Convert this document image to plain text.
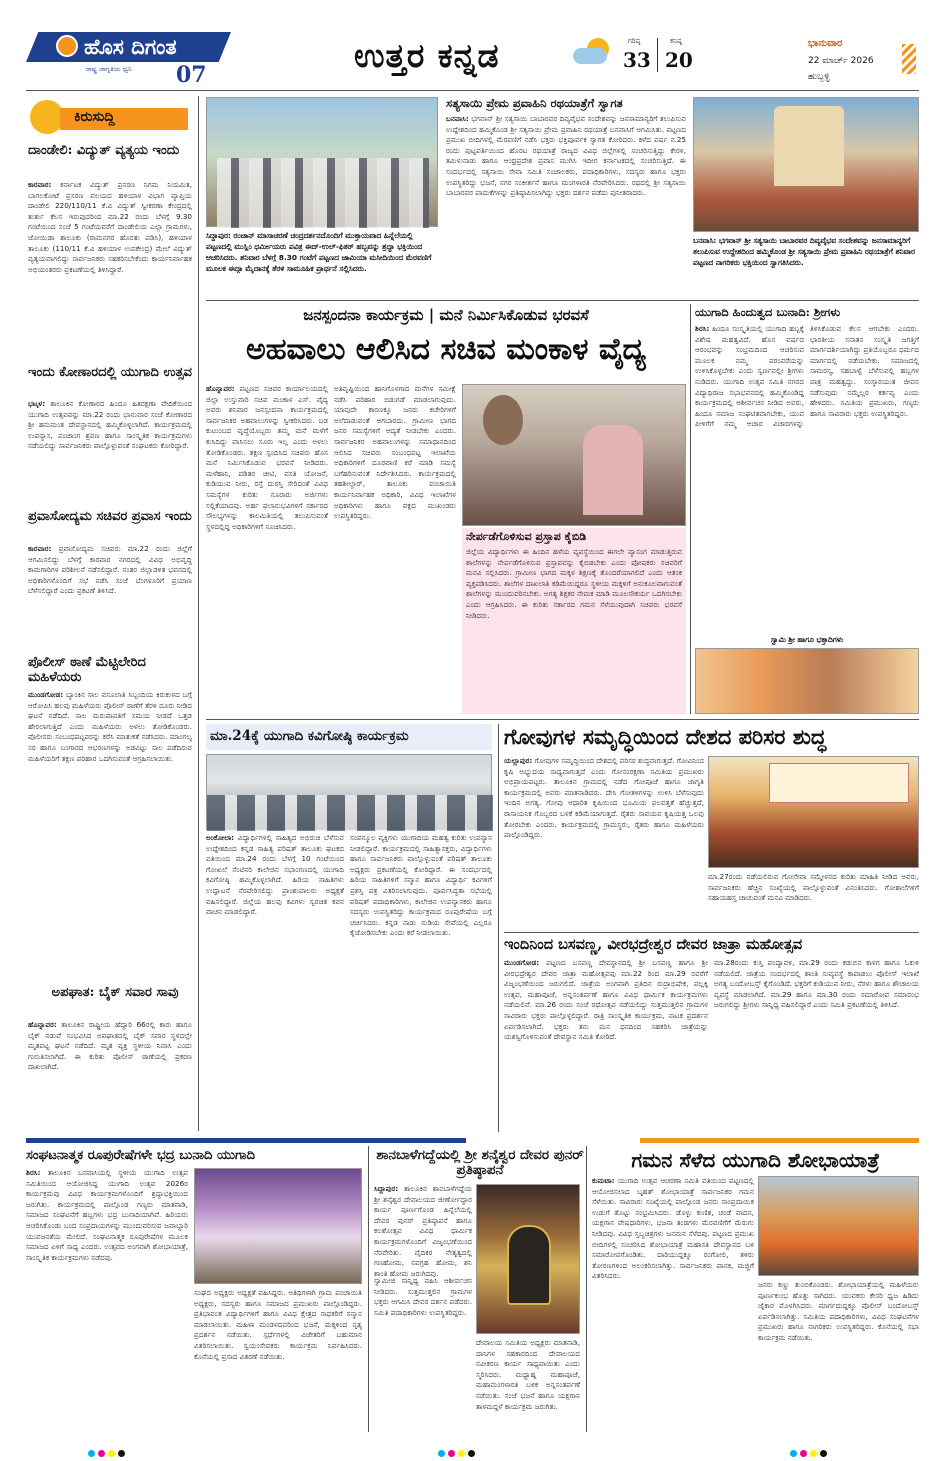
ಹೊಸ ದಿಗಂತ
ರಾಷ್ಟ್ರ ಜಾಗೃತಿಯ ಧ್ವನಿ 07	ಉತ್ತರ ಕನ್ನಡ	ಗರಿಷ್ಠ
33
ಕನಿಷ್ಠ
20
ಭಾನುವಾರ
22 ಮಾರ್ಚ್ 2026
ಹುಬ್ಬಳ್ಳಿ
ಕಿರುಸುದ್ದಿ
ದಾಂಡೇಲಿ: ವಿದ್ಯುತ್ ವ್ಯತ್ಯಯ ಇಂದು
ಕಾರವಾರ: ಕರ್ನಾಟಕ ವಿದ್ಯುತ್ ಪ್ರಸರಣ ನಿಗಮ ನಿಯಮಿತ, ಬಾಗಲಕೋಟೆ ಪ್ರಸರಣ ವಲಯದ ಹಳಿಯಾಳ ವಿಭಾಗ ವ್ಯಾಪ್ತಿಯ ದಾಂಡೇಲಿ 220/110/11 ಕೆ.ವಿ ವಿದ್ಯುತ್ ಸ್ವೀಕರಣಾ ಕೇಂದ್ರದಲ್ಲಿ ತುರ್ತು ಕೆಲಸ ಇರುವುದರಿಂದ ಮಾ.22 ರಂದು ಬೆಳಗ್ಗೆ 9.30 ಗಂಟೆಯಿಂದ ಸಂಜೆ 5 ಗಂಟೆಯವರೆಗೆ ದಾಂಡೇಲಿಯ ಎಲ್ಲಾ ಗ್ರಾಮಗಳು, ಜೋಯಿಡಾ ತಾಲೂಕು (ರಾಮನಗರ ಹೊರತು ಪಡಿಸಿ), ಹಳಿಯಾಳ ತಾಲೂಕು (110/11 ಕೆ.ವಿ ಹಳಿಯಾಳ ಉಪಕೇಂದ್ರ) ಮೇಲೆ ವಿದ್ಯುತ್ ವ್ಯತ್ಯಯವಾಗಲಿದ್ದು ಸಾರ್ವಜನಿಕರು ಸಹಕರಿಸಬೇಕೆಂದು ಕಾರ್ಯನಿರ್ವಾಹಕ ಅಭಿಯಂತರರು ಪ್ರಕಟಣೆಯಲ್ಲಿ ತಿಳಿಸಿದ್ದಾರೆ.
ಇಂದು ಕೋಣಾರದಲ್ಲಿ ಯುಗಾದಿ ಉತ್ಸವ
ಭಟ್ಕಳ: ತಾಲೂಕಿನ ಕೋಣಾರದ ಹಿಂದೂ ಹಿತರಕ್ಷಣಾ ವೇದಿಕೆಯಿಂದ ಯುಗಾದಿ ಉತ್ಸವವನ್ನು ಮಾ.22 ರಂದು ಭಾನುವಾರ ಸಂಜೆ ಕೋಣಾರದ ಶ್ರೀ ಹನುಮಂತ ದೇವಸ್ಥಾನದಲ್ಲಿ ಹಮ್ಮಿಕೊಳ್ಳಲಾಗಿದೆ. ಕಾರ್ಯಕ್ರಮದಲ್ಲಿ ಉಪನ್ಯಾಸ, ಪಂಚಾಂಗ ಶ್ರವಣ ಹಾಗೂ ಸಾಂಸ್ಕೃತಿಕ ಕಾರ್ಯಕ್ರಮಗಳು ನಡೆಯಲಿದ್ದು ಸಾರ್ವಜನಿಕರು ಪಾಲ್ಗೊಳ್ಳುವಂತೆ ಸಂಘಟಕರು ಕೋರಿದ್ದಾರೆ.
ಪ್ರವಾಸೋದ್ಯಮ ಸಚಿವರ ಪ್ರವಾಸ ಇಂದು
ಕಾರವಾರ: ಪ್ರವಾಸೋದ್ಯಮ ಸಚಿವರು ಮಾ.22 ರಂದು ಜಿಲ್ಲೆಗೆ ಆಗಮಿಸಲಿದ್ದು ಬೆಳಗ್ಗೆ ಕಾರವಾರ ನಗರದಲ್ಲಿ ವಿವಿಧ ಅಭಿವೃದ್ಧಿ ಕಾಮಗಾರಿಗಳ ಪರಿಶೀಲನೆ ನಡೆಸಲಿದ್ದಾರೆ. ನಂತರ ಜಿಲ್ಲಾಡಳಿತ ಭವನದಲ್ಲಿ ಅಧಿಕಾರಿಗಳೊಂದಿಗೆ ಸಭೆ ನಡೆಸಿ ಸಂಜೆ ಬೆಂಗಳೂರಿಗೆ ಪ್ರಯಾಣ ಬೆಳೆಸಲಿದ್ದಾರೆ ಎಂದು ಪ್ರಕಟಣೆ ತಿಳಿಸಿದೆ.
ಪೊಲೀಸ್ ಠಾಣೆ ಮೆಟ್ಟಿಲೇರಿದ ಮಹಿಳೆಯರು
ಮುಂಡಗೋಡ: ಬ್ಯಾಂಕಿನ ಸಾಲ ವಸೂಲಾತಿ ಸಿಬ್ಬಂದಿಯ ಕಿರುಕುಳದ ಬಗ್ಗೆ ಆರೋಪಿಸಿ ಹಲವು ಮಹಿಳೆಯರು ಪೊಲೀಸ್ ಠಾಣೆಗೆ ತೆರಳಿ ದೂರು ನೀಡಿದ ಘಟನೆ ನಡೆದಿದೆ. ಸಾಲ ಮರುಪಾವತಿಗೆ ಸಮಯ ನೀಡದೆ ಒತ್ತಡ ಹೇರಲಾಗುತ್ತಿದೆ ಎಂದು ಮಹಿಳೆಯರು ಅಳಲು ತೋಡಿಕೊಂಡರು. ಪೊಲೀಸರು ಸಂಬಂಧಪಟ್ಟವರನ್ನು ಕರೆಸಿ ಮಾತುಕತೆ ನಡೆಸಿದರು. ಮಾಂಗಲ್ಯ ಸರ ಹಾಗೂ ಬಂಗಾರದ ಆಭರಣಗಳನ್ನು ಅಡವಿಟ್ಟು ಸಾಲ ಪಡೆದಿರುವ ಮಹಿಳೆಯರಿಗೆ ತಕ್ಷಣ ಪರಿಹಾರ ಒದಗಿಸುವಂತೆ ಆಗ್ರಹಿಸಲಾಯಿತು.
ಅಪಘಾತ: ಬೈಕ್ ಸವಾರ ಸಾವು
ಹೊನ್ನಾವರ: ತಾಲೂಕಿನ ರಾಷ್ಟ್ರೀಯ ಹೆದ್ದಾರಿ 66ರಲ್ಲಿ ಕಾರು ಹಾಗೂ ಬೈಕ್ ನಡುವೆ ಸಂಭವಿಸಿದ ಅಪಘಾತದಲ್ಲಿ ಬೈಕ್ ಸವಾರ ಸ್ಥಳದಲ್ಲೇ ಮೃತಪಟ್ಟ ಘಟನೆ ನಡೆದಿದೆ. ಮೃತ ವ್ಯಕ್ತಿ ಸ್ಥಳೀಯ ನಿವಾಸಿ ಎಂದು ಗುರುತಿಸಲಾಗಿದೆ. ಈ ಕುರಿತು ಪೊಲೀಸ್ ಠಾಣೆಯಲ್ಲಿ ಪ್ರಕರಣ ದಾಖಲಾಗಿದೆ.
ಸಿದ್ದಾಪುರ: ರಂಜಾನ್ ಮಾಸಾಚರಣೆ ಚಂದ್ರದರ್ಶನದೊಂದಿಗೆ ಮುಕ್ತಾಯವಾದ ಹಿನ್ನೆಲೆಯಲ್ಲಿ ಪಟ್ಟಣದಲ್ಲಿ ಮುಸ್ಲಿಂ ಧರ್ಮೀಯರು ಪವಿತ್ರ ಈದ್-ಉಲ್-ಫಿತರ್ ಹಬ್ಬವನ್ನು ಶ್ರದ್ಧಾ ಭಕ್ತಿಯಿಂದ ಆಚರಿಸಿದರು. ಶನಿವಾರ ಬೆಳಗ್ಗೆ 8.30 ಗಂಟೆಗೆ ಪಟ್ಟಣದ ಜಾಮಿಯಾ ಮಸೀದಿಯಿಂದ ಮೆರವಣಿಗೆ ಮೂಲಕ ಈದ್ಗಾ ಮೈದಾನಕ್ಕೆ ತೆರಳಿ ಸಾಮೂಹಿಕ ಪ್ರಾರ್ಥನೆ ಸಲ್ಲಿಸಿದರು.
ಸತ್ಯಸಾಯಿ ಪ್ರೇಮ ಪ್ರವಾಹಿನಿ ರಥಯಾತ್ರೆಗೆ ಸ್ವಾಗತ
ಬನವಾಸಿ: ಭಗವಾನ್ ಶ್ರೀ ಸತ್ಯಸಾಯಿ ಬಾಬಾರವರ ದಿವ್ಯವೈಭವ ಸಂದೇಶವನ್ನು ಜನಸಾಮಾನ್ಯರಿಗೆ ತಲುಪಿಸುವ ಉದ್ದೇಶದಿಂದ ಹಮ್ಮಿಕೊಂಡ ಶ್ರೀ ಸತ್ಯಸಾಯಿ ಪ್ರೇಮ ಪ್ರವಾಹಿನಿ ರಥಯಾತ್ರೆ ಬನವಾಸಿಗೆ ಆಗಮಿಸಿತು. ಪಟ್ಟಣದ ಪ್ರಮುಖ ಬೀದಿಗಳಲ್ಲಿ ಮೆರವಣಿಗೆ ನಡೆಸಿ ಭಕ್ತರು ಭಕ್ತಿಪೂರ್ವಕ ಸ್ವಾಗತ ಕೋರಿದರು. ಕಳೆದ ವರ್ಷ ನ.25 ರಂದು ಪುಟ್ಟಪರ್ತಿಯಿಂದ ಹೊರಟ ರಥಯಾತ್ರೆ ರಾಜ್ಯದ ವಿವಿಧ ಜಿಲ್ಲೆಗಳಲ್ಲಿ ಸಂಚರಿಸುತ್ತಿದ್ದು ಕೇರಳ, ತಮಿಳುನಾಡು ಹಾಗೂ ಆಂಧ್ರಪ್ರದೇಶ ಪ್ರವಾಸ ಮುಗಿಸಿ ಇದೀಗ ಕರ್ನಾಟಕದಲ್ಲಿ ಸಂಚರಿಸುತ್ತಿದೆ. ಈ ಸಂದರ್ಭದಲ್ಲಿ ಸತ್ಯಸಾಯಿ ಸೇವಾ ಸಮಿತಿ ಸಂಚಾಲಕರು, ಪದಾಧಿಕಾರಿಗಳು, ಸದಸ್ಯರು ಹಾಗೂ ಭಕ್ತರು ಉಪಸ್ಥಿತರಿದ್ದು ಭಜನೆ, ನಗರ ಸಂಕೀರ್ತನೆ ಹಾಗೂ ಮಂಗಳಾರತಿ ನೆರವೇರಿಸಿದರು. ರಥದಲ್ಲಿ ಶ್ರೀ ಸತ್ಯಸಾಯಿ ಬಾಬಾರವರ ಪಾದುಕೆಗಳನ್ನು ಪ್ರತಿಷ್ಠಾಪಿಸಲಾಗಿದ್ದು ಭಕ್ತರು ದರ್ಶನ ಪಡೆದು ಪುನೀತರಾದರು.
ಬನವಾಸಿ: ಭಗವಾನ್ ಶ್ರೀ ಸತ್ಯಸಾಯಿ ಬಾಬಾರವರ ದಿವ್ಯವೈಭವ ಸಂದೇಶವನ್ನು ಜನಸಾಮಾನ್ಯರಿಗೆ ತಲುಪಿಸುವ ಉದ್ದೇಶದಿಂದ ಹಮ್ಮಿಕೊಂಡ ಶ್ರೀ ಸತ್ಯಸಾಯಿ ಪ್ರೇಮ ಪ್ರವಾಹಿನಿ ರಥಯಾತ್ರೆಗೆ ಶನಿವಾರ ಪಟ್ಟಣದ ನಾಗರಿಕರು ಭಕ್ತಿಯಿಂದ ಸ್ವಾಗತಿಸಿದರು.
ಜನಸ್ಪಂದನಾ ಕಾರ್ಯಕ್ರಮ | ಮನೆ ನಿರ್ಮಿಸಿಕೊಡುವ ಭರವಸೆ
ಅಹವಾಲು ಆಲಿಸಿದ ಸಚಿವ ಮಂಕಾಳ ವೈದ್ಯ
ಹೊನ್ನಾವರ: ಪಟ್ಟಣದ ಸಚಿವರ ಕಾರ್ಯಾಲಯದಲ್ಲಿ ಜಿಲ್ಲಾ ಉಸ್ತುವಾರಿ ಸಚಿವ ಮಂಕಾಳ ಎಸ್. ವೈದ್ಯ ಅವರು ಶನಿವಾರ ಜನಸ್ಪಂದನಾ ಕಾರ್ಯಕ್ರಮದಲ್ಲಿ ಸಾರ್ವಜನಿಕರ ಅಹವಾಲುಗಳನ್ನು ಸ್ವೀಕರಿಸಿದರು. ಬಡ ಕುಟುಂಬದ ವೃದ್ಧೆಯೊಬ್ಬರು ತಮ್ಮ ಮನೆ ಮಳೆಗೆ ಕುಸಿದಿದ್ದು ವಾಸಿಸಲು ಸೂರು ಇಲ್ಲ ಎಂದು ಅಳಲು ತೋಡಿಕೊಂಡರು. ತಕ್ಷಣ ಸ್ಪಂದಿಸಿದ ಸಚಿವರು ಹೊಸ ಮನೆ ನಿರ್ಮಿಸಿಕೊಡುವ ಭರವಸೆ ನೀಡಿದರು. ಮಳೆಹಾನಿ, ಪಡಿತರ ಚೀಟಿ, ವಸತಿ ಯೋಜನೆ, ಕುಡಿಯುವ ನೀರು, ರಸ್ತೆ ದುರಸ್ತಿ ಸೇರಿದಂತೆ ವಿವಿಧ ಸಮಸ್ಯೆಗಳ ಕುರಿತು ನೂರಾರು ಅರ್ಜಿಗಳು ಸಲ್ಲಿಕೆಯಾದವು. ಅರ್ಹ ಫಲಾನುಭವಿಗಳಿಗೆ ಸರ್ಕಾರದ ಸೌಲಭ್ಯಗಳನ್ನು ಕಾಲಮಿತಿಯಲ್ಲಿ ತಲುಪಿಸುವಂತೆ ಸ್ಥಳದಲ್ಲಿದ್ದ ಅಧಿಕಾರಿಗಳಿಗೆ ಸೂಚಿಸಿದರು.
ಅತಿವೃಷ್ಟಿಯಿಂದ ಹಾನಿಗೊಳಗಾದ ಮನೆಗಳ ಸಮೀಕ್ಷೆ ನಡೆಸಿ ಪರಿಹಾರ ಬಿಡುಗಡೆ ಮಾಡಲಾಗುವುದು. ಯಾವುದೇ ಕಾರಣಕ್ಕೂ ಜನರು ಕಚೇರಿಗಳಿಗೆ ಅಲೆದಾಡುವಂತೆ ಆಗಬಾರದು. ಗ್ರಾಮೀಣ ಭಾಗದ ಜನರ ಸಮಸ್ಯೆಗಳಿಗೆ ಆದ್ಯತೆ ನೀಡಬೇಕು ಎಂದರು. ಸಾರ್ವಜನಿಕರ ಅಹವಾಲುಗಳನ್ನು ಸಮಾಧಾನದಿಂದ ಆಲಿಸಿದ ಸಚಿವರು ಸಂಬಂಧಪಟ್ಟ ಇಲಾಖೆಯ ಅಧಿಕಾರಿಗಳಿಗೆ ದೂರವಾಣಿ ಕರೆ ಮಾಡಿ ಸಮಸ್ಯೆ ಬಗೆಹರಿಸುವಂತೆ ನಿರ್ದೇಶಿಸಿದರು. ಕಾರ್ಯಕ್ರಮದಲ್ಲಿ ತಹಶೀಲ್ದಾರ್, ತಾಲೂಕು ಪಂಚಾಯಿತಿ ಕಾರ್ಯನಿರ್ವಾಹಕ ಅಧಿಕಾರಿ, ವಿವಿಧ ಇಲಾಖೆಗಳ ಅಧಿಕಾರಿಗಳು ಹಾಗೂ ಪಕ್ಷದ ಮುಖಂಡರು ಉಪಸ್ಥಿತರಿದ್ದರು.
ನೇರ್ಪಡೆಗೊಳಿಸುವ ಪ್ರಸ್ತಾಪ ಕೈಬಿಡಿ
ಜಿಲ್ಲೆಯ ವಿದ್ಯಾರ್ಥಿಗಳು ಈ ಹಿಂದಿನ ಹಳೆಯ ವ್ಯವಸ್ಥೆಯಿಂದ ಈಗಲೇ ವ್ಯಾಸಂಗ ಮಾಡುತ್ತಿರುವ ಶಾಲೆಗಳನ್ನು ನೇರ್ಪಡೆಗೊಳಿಸುವ ಪ್ರಸ್ತಾಪವನ್ನು ಕೈಬಿಡಬೇಕು ಎಂದು ಪೋಷಕರು ಸಚಿವರಿಗೆ ಮನವಿ ಸಲ್ಲಿಸಿದರು. ಗ್ರಾಮೀಣ ಭಾಗದ ಮಕ್ಕಳ ಶಿಕ್ಷಣಕ್ಕೆ ತೊಂದರೆಯಾಗಲಿದೆ ಎಂದು ಆತಂಕ ವ್ಯಕ್ತಪಡಿಸಿದರು. ಶಾಲೆಗಳ ದಾಖಲಾತಿ ಕಡಿಮೆಯಿದ್ದರೂ ಸ್ಥಳೀಯ ಮಕ್ಕಳಿಗೆ ಅನುಕೂಲವಾಗುವಂತೆ ಶಾಲೆಗಳನ್ನು ಮುಂದುವರಿಸಬೇಕು. ಅಗತ್ಯ ಶಿಕ್ಷಕರ ನೇಮಕ ಮಾಡಿ ಮೂಲಸೌಕರ್ಯ ಒದಗಿಸಬೇಕು ಎಂದು ಆಗ್ರಹಿಸಿದರು. ಈ ಕುರಿತು ಸರ್ಕಾರದ ಗಮನ ಸೆಳೆಯುವುದಾಗಿ ಸಚಿವರು ಭರವಸೆ ನೀಡಿದರು.
ಯುಗಾದಿ ಹಿಂದುತ್ವದ ಬುನಾದಿ: ಶ್ರೀಗಳು
ಶಿರಸಿ: ಹಿಂದೂ ಸಂಸ್ಕೃತಿಯಲ್ಲಿ ಯುಗಾದಿ ಹಬ್ಬಕ್ಕೆ ವಿಶೇಷ ಮಹತ್ವವಿದೆ. ಹೊಸ ವರ್ಷದ ಆರಂಭವನ್ನು ಸಂಭ್ರಮದಿಂದ ಆಚರಿಸುವ ಮೂಲಕ ನಮ್ಮ ಪರಂಪರೆಯನ್ನು ಉಳಿಸಿಕೊಳ್ಳಬೇಕು ಎಂದು ಸ್ವರ್ಣವಲ್ಲೀ ಶ್ರೀಗಳು ನುಡಿದರು. ಯುಗಾದಿ ಉತ್ಸವ ಸಮಿತಿ ನಗರದ ವಿದ್ಯಾಧಿರಾಜ ಸಭಾಭವನದಲ್ಲಿ ಹಮ್ಮಿಕೊಂಡಿದ್ದ ಕಾರ್ಯಕ್ರಮದಲ್ಲಿ ಆಶೀರ್ವಚನ ನೀಡಿದ ಅವರು, ಹಿಂದೂ ಸಮಾಜ ಸಂಘಟಿತವಾಗಬೇಕು, ಯುವ ಪೀಳಿಗೆಗೆ ನಮ್ಮ ಆಚಾರ ವಿಚಾರಗಳನ್ನು ತಿಳಿಸಿಕೊಡುವ ಕೆಲಸ ಆಗಬೇಕು ಎಂದರು. ಭಾರತೀಯ ಸನಾತನ ಸಂಸ್ಕೃತಿ ಜಗತ್ತಿಗೆ ಮಾರ್ಗದರ್ಶಿಯಾಗಿದ್ದು ಪ್ರತಿಯೊಬ್ಬರೂ ಧರ್ಮದ ಮಾರ್ಗದಲ್ಲಿ ನಡೆಯಬೇಕು. ಸಮಾಜದಲ್ಲಿ ಸಾಮರಸ್ಯ, ಸಹಬಾಳ್ವೆ ಬೆಳೆಸುವಲ್ಲಿ ಹಬ್ಬಗಳ ಪಾತ್ರ ಮಹತ್ವದ್ದು. ಸಂಸ್ಕಾರಯುತ ಜೀವನ ನಡೆಸುವುದು ನಮ್ಮೆಲ್ಲರ ಕರ್ತವ್ಯ ಎಂದು ಹೇಳಿದರು. ಸಮಿತಿಯ ಪ್ರಮುಖರು, ಗಣ್ಯರು ಹಾಗೂ ಸಾವಿರಾರು ಭಕ್ತರು ಉಪಸ್ಥಿತರಿದ್ದರು.
ಸ್ವಾಮಿ ಶ್ರೀ ಹಾಗೂ ಭಕ್ತಾದಿಗಳು
ಮಾ.24ಕ್ಕೆ ಯುಗಾದಿ ಕವಿಗೋಷ್ಠಿ ಕಾರ್ಯಕ್ರಮ
ಅಂಕೋಲಾ: ವಿದ್ಯಾರ್ಥಿಗಳಲ್ಲಿ ಸಾಹಿತ್ಯದ ಅಭಿರುಚಿ ಬೆಳೆಸುವ ಉದ್ದೇಶದಿಂದ ಕನ್ನಡ ಸಾಹಿತ್ಯ ಪರಿಷತ್ ತಾಲೂಕು ಘಟಕದ ವತಿಯಿಂದ ಮಾ.24 ರಂದು ಬೆಳಗ್ಗೆ 10 ಗಂಟೆಯಿಂದ ಗೋಖಲೆ ಸೆಂಟಿನರಿ ಕಾಲೇಜಿನ ಸಭಾಂಗಣದಲ್ಲಿ ಯುಗಾದಿ ಕವಿಗೋಷ್ಠಿ ಹಮ್ಮಿಕೊಳ್ಳಲಾಗಿದೆ. ಹಿರಿಯ ಸಾಹಿತಿಗಳು ಉದ್ಘಾಟನೆ ನೆರವೇರಿಸಲಿದ್ದು ಪ್ರಾಂಶುಪಾಲರು ಅಧ್ಯಕ್ಷತೆ ವಹಿಸಲಿದ್ದಾರೆ. ಜಿಲ್ಲೆಯ ಹಲವು ಕವಿಗಳು ಸ್ವರಚಿತ ಕವನ ವಾಚನ ಮಾಡಲಿದ್ದಾರೆ.
ಸಂಪನ್ಮೂಲ ವ್ಯಕ್ತಿಗಳು ಯುಗಾದಿಯ ಮಹತ್ವ ಕುರಿತು ಉಪನ್ಯಾಸ ನೀಡಲಿದ್ದಾರೆ. ಕಾರ್ಯಕ್ರಮದಲ್ಲಿ ಸಾಹಿತ್ಯಾಸಕ್ತರು, ವಿದ್ಯಾರ್ಥಿಗಳು ಹಾಗೂ ಸಾರ್ವಜನಿಕರು ಪಾಲ್ಗೊಳ್ಳುವಂತೆ ಪರಿಷತ್ ತಾಲೂಕು ಅಧ್ಯಕ್ಷರು ಪ್ರಕಟಣೆಯಲ್ಲಿ ಕೋರಿದ್ದಾರೆ. ಈ ಸಂದರ್ಭದಲ್ಲಿ ಹಿರಿಯ ಸಾಹಿತಿಗಳಿಗೆ ಸನ್ಮಾನ ಹಾಗೂ ವಿದ್ಯಾರ್ಥಿ ಕವಿಗಳಿಗೆ ಪ್ರಶಸ್ತಿ ಪತ್ರ ವಿತರಿಸಲಾಗುವುದು. ಪೂರ್ವಸಿದ್ಧತಾ ಸಭೆಯಲ್ಲಿ ಪರಿಷತ್ ಪದಾಧಿಕಾರಿಗಳು, ಕಾಲೇಜಿನ ಉಪನ್ಯಾಸಕರು ಹಾಗೂ ಸದಸ್ಯರು ಉಪಸ್ಥಿತರಿದ್ದು ಕಾರ್ಯಕ್ರಮದ ರೂಪುರೇಷೆಯ ಬಗ್ಗೆ ಚರ್ಚಿಸಿದರು. ಕನ್ನಡ ನಾಡು ನುಡಿಯ ಸೇವೆಯಲ್ಲಿ ಎಲ್ಲರೂ ಕೈಜೋಡಿಸಬೇಕು ಎಂದು ಕರೆ ನೀಡಲಾಯಿತು.
ಗೋವುಗಳ ಸಮೃದ್ಧಿಯಿಂದ ದೇಶದ ಪರಿಸರ ಶುದ್ಧ
ಯಲ್ಲಾಪುರ: ಗೋವುಗಳ ಸಮೃದ್ಧಿಯಿಂದ ದೇಶದಲ್ಲಿ ಪರಿಸರ ಶುದ್ಧವಾಗುತ್ತದೆ. ಗೋವಿನಿಂದ ಕೃಷಿ ಅಭ್ಯುದಯ ಸಾಧ್ಯವಾಗುತ್ತದೆ ಎಂದು ಗೋಸಂರಕ್ಷಣಾ ಸಮಿತಿಯ ಪ್ರಮುಖರು ಅಭಿಪ್ರಾಯಪಟ್ಟರು. ತಾಲೂಕಿನ ಗ್ರಾಮದಲ್ಲಿ ನಡೆದ ಗೋಪೂಜೆ ಹಾಗೂ ಜಾಗೃತಿ ಕಾರ್ಯಕ್ರಮದಲ್ಲಿ ಅವರು ಮಾತನಾಡಿದರು. ದೇಸಿ ಗೋತಳಿಗಳನ್ನು ಉಳಿಸಿ ಬೆಳೆಸುವುದು ಇಂದಿನ ಅಗತ್ಯ. ಗೋವು ಆಧಾರಿತ ಕೃಷಿಯಿಂದ ಭೂಮಿಯ ಫಲವತ್ತತೆ ಹೆಚ್ಚುತ್ತದೆ, ರಾಸಾಯನಿಕ ಗೊಬ್ಬರದ ಬಳಕೆ ಕಡಿಮೆಯಾಗುತ್ತದೆ. ರೈತರು ಸಾವಯವ ಕೃಷಿಯತ್ತ ಒಲವು ತೋರಬೇಕು ಎಂದರು. ಕಾರ್ಯಕ್ರಮದಲ್ಲಿ ಗ್ರಾಮಸ್ಥರು, ರೈತರು ಹಾಗೂ ಮಹಿಳೆಯರು ಪಾಲ್ಗೊಂಡಿದ್ದರು.
ಮಾ.27ರಂದು ನಡೆಯಲಿರುವ ಗೋಸೇವಾ ಸಮ್ಮೇಳನದ ಕುರಿತು ಮಾಹಿತಿ ನೀಡಿದ ಅವರು, ಸಾರ್ವಜನಿಕರು ಹೆಚ್ಚಿನ ಸಂಖ್ಯೆಯಲ್ಲಿ ಪಾಲ್ಗೊಳ್ಳುವಂತೆ ವಿನಂತಿಸಿದರು. ಗೋಶಾಲೆಗಳಿಗೆ ಸಹಾಯಹಸ್ತ ಚಾಚುವಂತೆ ಮನವಿ ಮಾಡಿದರು.
ಇಂದಿನಿಂದ ಬಸವಣ್ಣ, ವೀರಭದ್ರೇಶ್ವರ ದೇವರ ಜಾತ್ರಾ ಮಹೋತ್ಸವ
ಮುಂಡಗೋಡ: ಪಟ್ಟಣದ ಬಸವಣ್ಣ ದೇವಸ್ಥಾನದಲ್ಲಿ ಶ್ರೀ ಬಸವಣ್ಣ ಹಾಗೂ ಶ್ರೀ ವೀರಭದ್ರೇಶ್ವರ ದೇವರ ಜಾತ್ರಾ ಮಹೋತ್ಸವವು ಮಾ.22 ರಿಂದ ಮಾ.29 ರವರೆಗೆ ವಿಜೃಂಭಣೆಯಿಂದ ಜರುಗಲಿದೆ. ಜಾತ್ರೆಯ ಅಂಗವಾಗಿ ಪ್ರತಿದಿನ ರುದ್ರಾಭಿಷೇಕ, ಪಲ್ಲಕ್ಕಿ ಉತ್ಸವ, ಮಹಾಪೂಜೆ, ಅನ್ನಸಂತರ್ಪಣೆ ಹಾಗೂ ವಿವಿಧ ಧಾರ್ಮಿಕ ಕಾರ್ಯಕ್ರಮಗಳು ನಡೆಯಲಿವೆ. ಮಾ.26 ರಂದು ಸಂಜೆ ರಥೋತ್ಸವ ನಡೆಯಲಿದ್ದು ಸುತ್ತಮುತ್ತಲಿನ ಗ್ರಾಮಗಳ ಸಾವಿರಾರು ಭಕ್ತರು ಪಾಲ್ಗೊಳ್ಳಲಿದ್ದಾರೆ. ರಾತ್ರಿ ಸಾಂಸ್ಕೃತಿಕ ಕಾರ್ಯಕ್ರಮ, ನಾಟಕ ಪ್ರದರ್ಶನ ಏರ್ಪಡಿಸಲಾಗಿದೆ. ಭಕ್ತರು ತನು ಮನ ಧನದಿಂದ ಸಹಕರಿಸಿ ಜಾತ್ರೆಯನ್ನು ಯಶಸ್ವಿಗೊಳಿಸುವಂತೆ ದೇವಸ್ಥಾನ ಸಮಿತಿ ಕೋರಿದೆ.
ಮಾ.28ರಂದು ಕುಸ್ತಿ ಪಂದ್ಯಾವಳಿ, ಮಾ.29 ರಂದು ಕಡುಬಿನ ಕಾಳಗ ಹಾಗೂ ಓಕುಳಿ ನಡೆಯಲಿದೆ. ಜಾತ್ರೆಯ ಸಂದರ್ಭದಲ್ಲಿ ಶಾಂತಿ ಸುವ್ಯವಸ್ಥೆ ಕಾಪಾಡಲು ಪೊಲೀಸ್ ಇಲಾಖೆ ಅಗತ್ಯ ಬಂದೋಬಸ್ತ್ ಕೈಗೊಂಡಿದೆ. ಭಕ್ತರಿಗೆ ಕುಡಿಯುವ ನೀರು, ನೆರಳು ಹಾಗೂ ಶೌಚಾಲಯ ವ್ಯವಸ್ಥೆ ಮಾಡಲಾಗಿದೆ. ಮಾ.29 ಹಾಗೂ ಮಾ.30 ರಂದು ಸಮಾರೋಪ ಸಮಾರಂಭ ಜರುಗಲಿದ್ದು ಶ್ರೀಗಳು ಸಾನ್ನಿಧ್ಯ ವಹಿಸಲಿದ್ದಾರೆ ಎಂದು ಸಮಿತಿ ಪ್ರಕಟಣೆಯಲ್ಲಿ ತಿಳಿಸಿದೆ.
ಸಂಘಟನಾತ್ಮಕ ರೂಪುರೇಷೆಗಳೇ ಭದ್ರ ಬುನಾದಿ ಯುಗಾದಿ
ಶಿರಸಿ: ತಾಲೂಕಿನ ಬನವಾಸಿಯಲ್ಲಿ ಸ್ಥಳೀಯ ಯುಗಾದಿ ಉತ್ಸವ ಸಮಿತಿಯಿಂದ ಆಯೋಜಿಸಿದ್ದ ಯುಗಾದಿ ಉತ್ಸವ 2026ರ ಕಾರ್ಯಕ್ರಮವು ವಿವಿಧ ಕಾರ್ಯಕ್ರಮಗಳೊಂದಿಗೆ ಶ್ರದ್ಧಾಭಕ್ತಿಯಿಂದ ಜರುಗಿತು. ಕಾರ್ಯಕ್ರಮದಲ್ಲಿ ಪಾಲ್ಗೊಂಡ ಗಣ್ಯರು ಮಾತನಾಡಿ, ಸಮಾಜದ ಸಂಘಟನೆಗೆ ಹಬ್ಬಗಳು ಭದ್ರ ಬುನಾದಿಯಾಗಿವೆ. ಹಿರಿಯರು ಆಚರಿಸಿಕೊಂಡು ಬಂದ ಸಂಪ್ರದಾಯಗಳನ್ನು ಮುಂದುವರಿಸುವ ಜವಾಬ್ದಾರಿ ಯುವಜನತೆಯ ಮೇಲಿದೆ. ಸಂಘಟನಾತ್ಮಕ ರೂಪುರೇಷೆಗಳ ಮೂಲಕ ಸಮಾಜದ ಏಳಿಗೆ ಸಾಧ್ಯ ಎಂದರು. ಉತ್ಸವದ ಅಂಗವಾಗಿ ಶೋಭಾಯಾತ್ರೆ, ಸಾಂಸ್ಕೃತಿಕ ಕಾರ್ಯಕ್ರಮಗಳು ನಡೆದವು.
ಸಂಘದ ಅಧ್ಯಕ್ಷರು ಅಧ್ಯಕ್ಷತೆ ವಹಿಸಿದ್ದರು. ಅತಿಥಿಗಳಾಗಿ ಗ್ರಾಮ ಪಂಚಾಯಿತಿ ಅಧ್ಯಕ್ಷರು, ಸದಸ್ಯರು ಹಾಗೂ ಸಮಾಜದ ಪ್ರಮುಖರು ಪಾಲ್ಗೊಂಡಿದ್ದರು. ಪ್ರತಿಭಾವಂತ ವಿದ್ಯಾರ್ಥಿಗಳಿಗೆ ಹಾಗೂ ವಿವಿಧ ಕ್ಷೇತ್ರದ ಸಾಧಕರಿಗೆ ಸನ್ಮಾನ ಮಾಡಲಾಯಿತು. ಮಹಿಳಾ ಮಂಡಳದವರಿಂದ ಭಜನೆ, ಮಕ್ಕಳಿಂದ ನೃತ್ಯ ಪ್ರದರ್ಶನ ನಡೆಯಿತು. ಸ್ಪರ್ಧೆಗಳಲ್ಲಿ ವಿಜೇತರಿಗೆ ಬಹುಮಾನ ವಿತರಿಸಲಾಯಿತು. ಸ್ವಯಂಸೇವಕರು ಕಾರ್ಯಕ್ರಮ ನಿರ್ವಹಿಸಿದರು. ಕೊನೆಯಲ್ಲಿ ಪ್ರಸಾದ ವಿತರಣೆ ನಡೆಯಿತು.
ಶಾನಬಾಳೆಗದ್ದೆಯಲ್ಲಿ ಶ್ರೀ ಶನೈಶ್ವರ ದೇವರ ಪುನರ್ ಪ್ರತಿಷ್ಠಾಪನೆ
ಸಿದ್ದಾಪುರ: ತಾಲೂಕಿನ ಶಾನಬಾಳೆಗದ್ದೆಯ ಶ್ರೀ ಶನೈಶ್ವರ ದೇವಾಲಯದ ಜೀರ್ಣೋದ್ಧಾರ ಕಾರ್ಯ ಪೂರ್ಣಗೊಂಡ ಹಿನ್ನೆಲೆಯಲ್ಲಿ ದೇವರ ಪುನರ್ ಪ್ರತಿಷ್ಠಾಪನೆ ಹಾಗೂ ಕಲಶೋತ್ಸವ ವಿವಿಧ ಧಾರ್ಮಿಕ ಕಾರ್ಯಕ್ರಮಗಳೊಂದಿಗೆ ವಿಜೃಂಭಣೆಯಿಂದ ನೆರವೇರಿತು. ವೈದಿಕರ ನೇತೃತ್ವದಲ್ಲಿ ಗಣಹೋಮ, ನವಗ್ರಹ ಹೋಮ, ಶನಿ ಶಾಂತಿ ಹೋಮ ಜರುಗಿದವು.
ಸ್ವಾಮೀಜಿ ಸಾನ್ನಿಧ್ಯ ವಹಿಸಿ ಆಶೀರ್ವಚನ ನೀಡಿದರು. ಸುತ್ತಮುತ್ತಲಿನ ಗ್ರಾಮಗಳ ಭಕ್ತರು ಆಗಮಿಸಿ ದೇವರ ದರ್ಶನ ಪಡೆದರು. ಸಮಿತಿ ಪದಾಧಿಕಾರಿಗಳು ಉಪಸ್ಥಿತರಿದ್ದರು.
ದೇವಾಲಯ ಸಮಿತಿಯ ಅಧ್ಯಕ್ಷರು ಮಾತನಾಡಿ, ದಾನಿಗಳ ಸಹಕಾರದಿಂದ ದೇವಾಲಯದ ನವೀಕರಣ ಕಾರ್ಯ ಸಾಧ್ಯವಾಯಿತು ಎಂದು ಸ್ಮರಿಸಿದರು. ಮಧ್ಯಾಹ್ನ ಮಹಾಪೂಜೆ, ಮಹಾಮಂಗಳಾರತಿ ಬಳಿಕ ಅನ್ನಸಂತರ್ಪಣೆ ನಡೆಯಿತು. ಸಂಜೆ ಭಜನೆ ಹಾಗೂ ಯಕ್ಷಗಾನ ತಾಳಮದ್ದಳೆ ಕಾರ್ಯಕ್ರಮ ಜರುಗಿತು.
ಗಮನ ಸೆಳೆದ ಯುಗಾದಿ ಶೋಭಾಯಾತ್ರೆ
ಕುಮಟಾ: ಯುಗಾದಿ ಉತ್ಸವ ಆಚರಣಾ ಸಮಿತಿ ವತಿಯಿಂದ ಪಟ್ಟಣದಲ್ಲಿ ಆಯೋಜಿಸಲಾದ ಬೃಹತ್ ಶೋಭಾಯಾತ್ರೆ ಸಾರ್ವಜನಿಕರ ಗಮನ ಸೆಳೆಯಿತು. ಸಾವಿರಾರು ಸಂಖ್ಯೆಯಲ್ಲಿ ಪಾಲ್ಗೊಂಡ ಜನರು ಸಾಂಪ್ರದಾಯಿಕ ಉಡುಗೆ ತೊಟ್ಟು ಸಂಭ್ರಮಿಸಿದರು. ಡೊಳ್ಳು ಕುಣಿತ, ಚಂಡೆ ವಾದನ, ಯಕ್ಷಗಾನ ವೇಷಧಾರಿಗಳು, ಭಜನಾ ತಂಡಗಳು ಮೆರವಣಿಗೆಗೆ ಮೆರುಗು ನೀಡಿದವು. ವಿವಿಧ ಸ್ತಬ್ಧಚಿತ್ರಗಳು ಜನಮನ ಸೆಳೆದವು. ಪಟ್ಟಣದ ಪ್ರಮುಖ ಬೀದಿಗಳಲ್ಲಿ ಸಂಚರಿಸಿದ ಶೋಭಾಯಾತ್ರೆ ಮಹಾಸತಿ ದೇವಸ್ಥಾನದ ಬಳಿ ಸಮಾರೋಪಗೊಂಡಿತು. ದಾರಿಯುದ್ದಕ್ಕೂ ರಂಗೋಲಿ, ತಳಿರು ತೋರಣಗಳಿಂದ ಅಲಂಕರಿಸಲಾಗಿತ್ತು. ಸಾರ್ವಜನಿಕರು ಪಾನಕ, ಮಜ್ಜಿಗೆ ವಿತರಿಸಿದರು.
ಜನರು ಕಣ್ಣು ತುಂಬಿಕೊಂಡರು. ಶೋಭಾಯಾತ್ರೆಯಲ್ಲಿ ಮಹಿಳೆಯರು ಪೂರ್ಣಕುಂಭ ಹೊತ್ತು ಸಾಗಿದರು. ಯುವಕರು ಕೇಸರಿ ಧ್ವಜ ಹಿಡಿದು ಜೈಕಾರ ಮೊಳಗಿಸಿದರು. ಮಾರ್ಗದುದ್ದಕ್ಕೂ ಪೊಲೀಸ್ ಬಂದೋಬಸ್ತ್ ಏರ್ಪಡಿಸಲಾಗಿತ್ತು. ಸಮಿತಿಯ ಪದಾಧಿಕಾರಿಗಳು, ವಿವಿಧ ಸಂಘಟನೆಗಳ ಪ್ರಮುಖರು ಹಾಗೂ ನಾಗರಿಕರು ಉಪಸ್ಥಿತರಿದ್ದರು. ಕೊನೆಯಲ್ಲಿ ಸಭಾ ಕಾರ್ಯಕ್ರಮ ನಡೆಯಿತು.
